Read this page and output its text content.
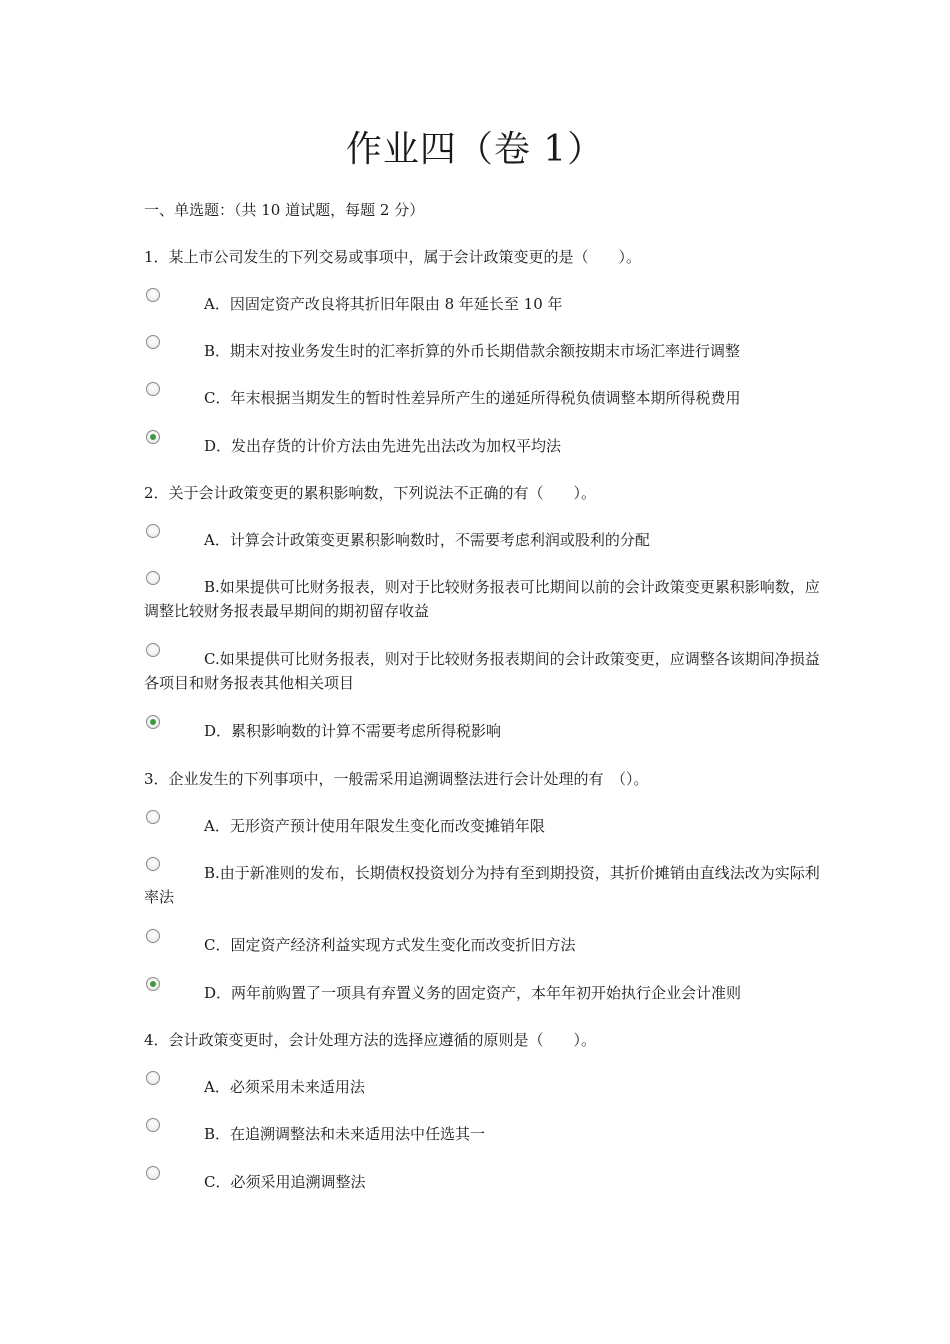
作业四（卷 1）
一、单选题：（共 10 道试题，每题 2 分）
1．某上市公司发生的下列交易或事项中，属于会计政策变更的是（　　）。
A．因固定资产改良将其折旧年限由 8 年延长至 10 年
B．期末对按业务发生时的汇率折算的外币长期借款余额按期末市场汇率进行调整
C．年末根据当期发生的暂时性差异所产生的递延所得税负债调整本期所得税费用
D．发出存货的计价方法由先进先出法改为加权平均法
2．关于会计政策变更的累积影响数，下列说法不正确的有（　　）。
A．计算会计政策变更累积影响数时，不需要考虑利润或股利的分配
B.如果提供可比财务报表，则对于比较财务报表可比期间以前的会计政策变更累积影响数，应调整比较财务报表最早期间的期初留存收益
C.如果提供可比财务报表，则对于比较财务报表期间的会计政策变更，应调整各该期间净损益各项目和财务报表其他相关项目
D．累积影响数的计算不需要考虑所得税影响
3．企业发生的下列事项中，一般需采用追溯调整法进行会计处理的有　（）。
A．无形资产预计使用年限发生变化而改变摊销年限
B.由于新准则的发布，长期债权投资划分为持有至到期投资，其折价摊销由直线法改为实际利率法
C．固定资产经济利益实现方式发生变化而改变折旧方法
D．两年前购置了一项具有弃置义务的固定资产，本年年初开始执行企业会计准则
4．会计政策变更时，会计处理方法的选择应遵循的原则是（　　）。
A．必须采用未来适用法
B．在追溯调整法和未来适用法中任选其一
C．必须采用追溯调整法
